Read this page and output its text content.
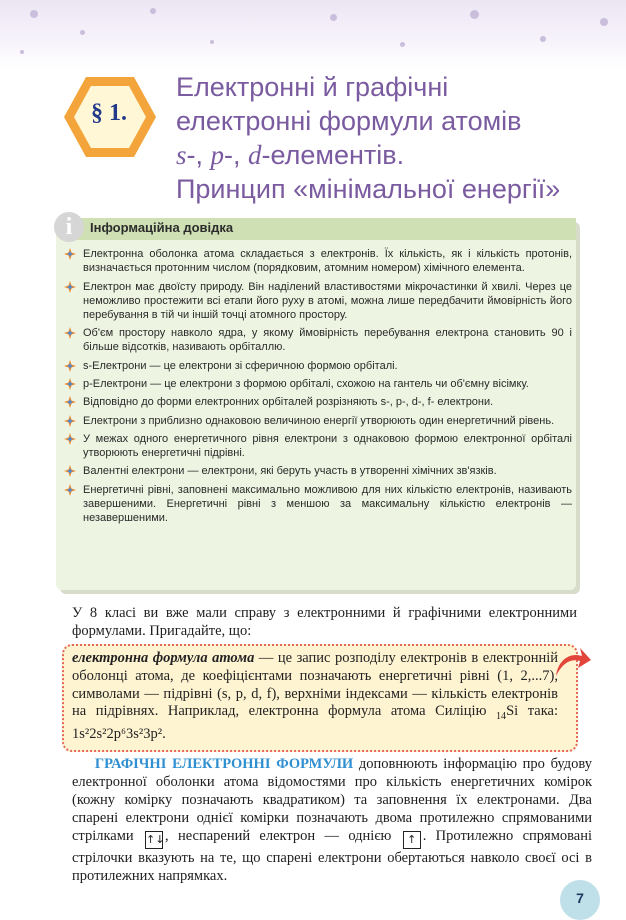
§ 1.
Електронні й графічні
електронні формули атомів
s-, p-, d-елементів.
Принцип «мінімальної енергії»
i	Інформаційна довідка
Електронна оболонка атома складається з електронів. Їх кількість, як і кількість протонів, визначається протонним числом (порядковим, атомним номером) хімічного елемента.
Електрон має двоїсту природу. Він наділений властивостями мікрочастинки й хвилі. Через це неможливо простежити всі етапи його руху в атомі, можна лише передбачити ймовірність його перебування в тій чи іншій точці атомного простору.
Об'єм простору навколо ядра, у якому ймовірність перебування електрона становить 90 і більше відсотків, називають орбіталлю.
s-Електрони — це електрони зі сферичною формою орбіталі.
p-Електрони — це електрони з формою орбіталі, схожою на гантель чи об'ємну вісімку.
Відповідно до форми електронних орбіталей розрізняють s-, p-, d-, f- електрони.
Електрони з приблизно однаковою величиною енергії утворюють один енергетичний рівень.
У межах одного енергетичного рівня електрони з однаковою формою електронної орбіталі утворюють енергетичні підрівні.
Валентні електрони — електрони, які беруть участь в утворенні хімічних зв'язків.
Енергетичні рівні, заповнені максимально можливою для них кількістю електронів, називають завершеними. Енергетичні рівні з меншою за максимальну кількістю електронів — незавершеними.
У 8 класі ви вже мали справу з електронними й графічними електронними формулами. Пригадайте, що:
електронна формула атома — це запис розподілу електронів в електронній оболонці атома, де коефіцієнтами позначають енергетичні рівні (1, 2,...7), символами — підрівні (s, p, d, f), верхніми індексами — кількість електронів на підрівнях. Наприклад, електронна формула атома Силіцію $_{14}$Si така: 1s²2s²2p⁶3s²3p².
ГРАФІЧНІ ЕЛЕКТРОННІ ФОРМУЛИ доповнюють інформацію про будову електронної оболонки атома відомостями про кількість енергетичних комірок (кожну комірку позначають квадратиком) та заповнення їх електронами. Два спарені електрони однієї комірки позначають двома протилежно спрямованими стрілками ↑↓, неспарений електрон — однією ↑ . Протилежно спрямовані стрілочки вказують на те, що спарені електрони обертаються навколо своєї осі в протилежних напрямках.
7
